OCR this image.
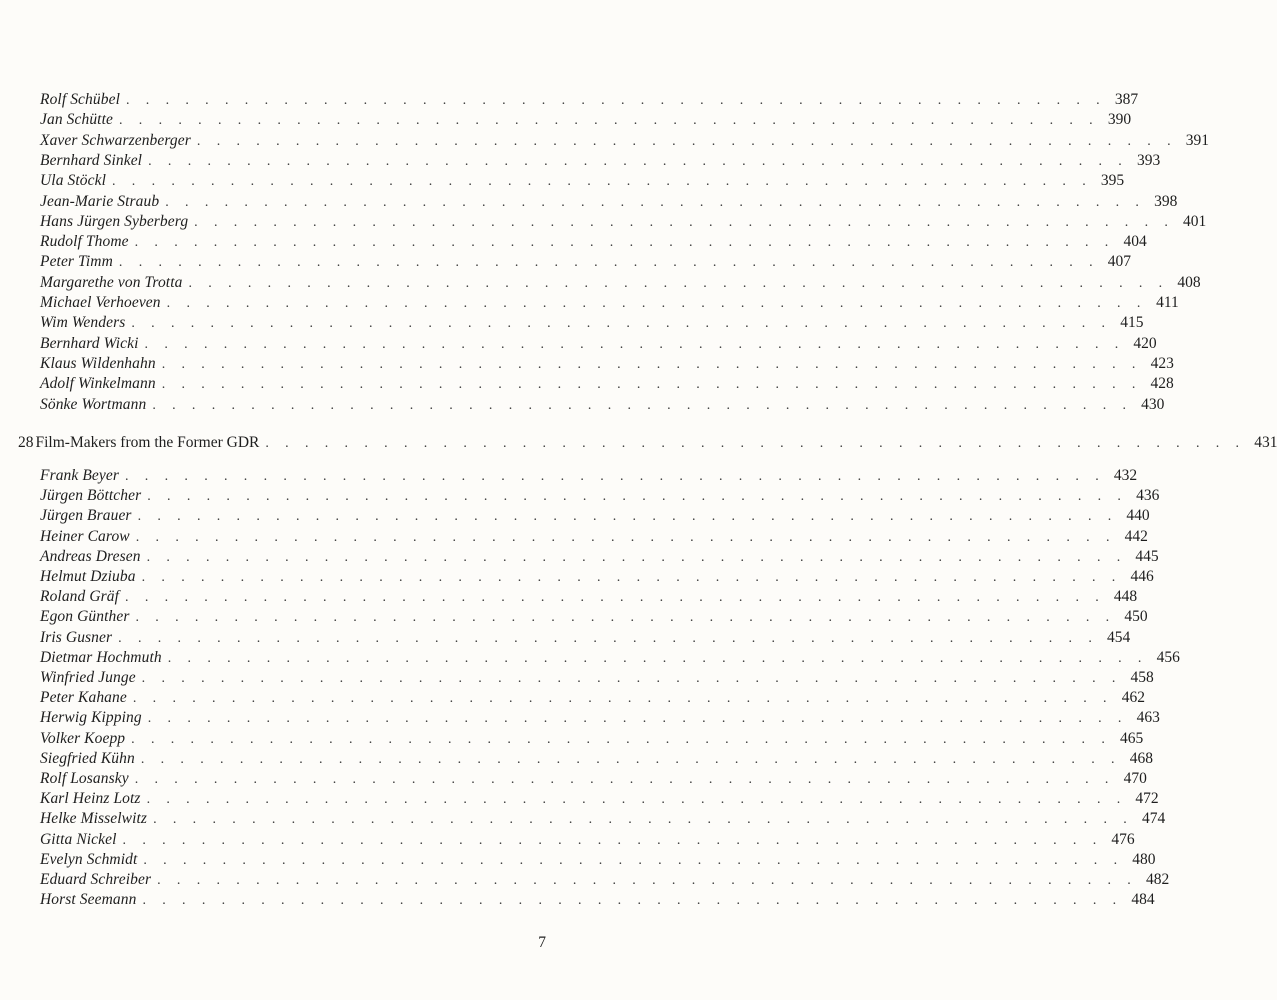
Rolf Schübel . . . . . . . . . . . . . . . . . . . . . . . . . . . . . . . . . . . . . . . . . . . . . . . . . . 387
Jan Schütte . . . . . . . . . . . . . . . . . . . . . . . . . . . . . . . . . . . . . . . . . . . . . . . . . . 390
Xaver Schwarzenberger . . . . . . . . . . . . . . . . . . . . . . . . . . . . . . . . . . . . . . . . . . . . . . . . . . 391
Bernhard Sinkel . . . . . . . . . . . . . . . . . . . . . . . . . . . . . . . . . . . . . . . . . . . . . . . . . . 393
Ula Stöckl . . . . . . . . . . . . . . . . . . . . . . . . . . . . . . . . . . . . . . . . . . . . . . . . . . 395
Jean-Marie Straub . . . . . . . . . . . . . . . . . . . . . . . . . . . . . . . . . . . . . . . . . . . . . . . . . . 398
Hans Jürgen Syberberg . . . . . . . . . . . . . . . . . . . . . . . . . . . . . . . . . . . . . . . . . . . . . . . . . . 401
Rudolf Thome . . . . . . . . . . . . . . . . . . . . . . . . . . . . . . . . . . . . . . . . . . . . . . . . . . 404
Peter Timm . . . . . . . . . . . . . . . . . . . . . . . . . . . . . . . . . . . . . . . . . . . . . . . . . . 407
Margarethe von Trotta . . . . . . . . . . . . . . . . . . . . . . . . . . . . . . . . . . . . . . . . . . . . . . . . . . 408
Michael Verhoeven . . . . . . . . . . . . . . . . . . . . . . . . . . . . . . . . . . . . . . . . . . . . . . . . . . 411
Wim Wenders . . . . . . . . . . . . . . . . . . . . . . . . . . . . . . . . . . . . . . . . . . . . . . . . . . 415
Bernhard Wicki . . . . . . . . . . . . . . . . . . . . . . . . . . . . . . . . . . . . . . . . . . . . . . . . . . 420
Klaus Wildenhahn . . . . . . . . . . . . . . . . . . . . . . . . . . . . . . . . . . . . . . . . . . . . . . . . . . 423
Adolf Winkelmann . . . . . . . . . . . . . . . . . . . . . . . . . . . . . . . . . . . . . . . . . . . . . . . . . . 428
Sönke Wortmann . . . . . . . . . . . . . . . . . . . . . . . . . . . . . . . . . . . . . . . . . . . . . . . . . . 430
28 Film-Makers from the Former GDR . . . . . . . . . . . . . . . . . . . . . . . . . . . . . . . . . . . . . . . . . . . . . . . . . . 431
Frank Beyer . . . . . . . . . . . . . . . . . . . . . . . . . . . . . . . . . . . . . . . . . . . . . . . . . . 432
Jürgen Böttcher . . . . . . . . . . . . . . . . . . . . . . . . . . . . . . . . . . . . . . . . . . . . . . . . . . 436
Jürgen Brauer . . . . . . . . . . . . . . . . . . . . . . . . . . . . . . . . . . . . . . . . . . . . . . . . . . 440
Heiner Carow . . . . . . . . . . . . . . . . . . . . . . . . . . . . . . . . . . . . . . . . . . . . . . . . . . 442
Andreas Dresen . . . . . . . . . . . . . . . . . . . . . . . . . . . . . . . . . . . . . . . . . . . . . . . . . . 445
Helmut Dziuba . . . . . . . . . . . . . . . . . . . . . . . . . . . . . . . . . . . . . . . . . . . . . . . . . . 446
Roland Gräf . . . . . . . . . . . . . . . . . . . . . . . . . . . . . . . . . . . . . . . . . . . . . . . . . . 448
Egon Günther . . . . . . . . . . . . . . . . . . . . . . . . . . . . . . . . . . . . . . . . . . . . . . . . . . 450
Iris Gusner . . . . . . . . . . . . . . . . . . . . . . . . . . . . . . . . . . . . . . . . . . . . . . . . . . 454
Dietmar Hochmuth . . . . . . . . . . . . . . . . . . . . . . . . . . . . . . . . . . . . . . . . . . . . . . . . . . 456
Winfried Junge . . . . . . . . . . . . . . . . . . . . . . . . . . . . . . . . . . . . . . . . . . . . . . . . . . 458
Peter Kahane . . . . . . . . . . . . . . . . . . . . . . . . . . . . . . . . . . . . . . . . . . . . . . . . . . 462
Herwig Kipping . . . . . . . . . . . . . . . . . . . . . . . . . . . . . . . . . . . . . . . . . . . . . . . . . . 463
Volker Koepp . . . . . . . . . . . . . . . . . . . . . . . . . . . . . . . . . . . . . . . . . . . . . . . . . . 465
Siegfried Kühn . . . . . . . . . . . . . . . . . . . . . . . . . . . . . . . . . . . . . . . . . . . . . . . . . . 468
Rolf Losansky . . . . . . . . . . . . . . . . . . . . . . . . . . . . . . . . . . . . . . . . . . . . . . . . . . 470
Karl Heinz Lotz . . . . . . . . . . . . . . . . . . . . . . . . . . . . . . . . . . . . . . . . . . . . . . . . . . 472
Helke Misselwitz . . . . . . . . . . . . . . . . . . . . . . . . . . . . . . . . . . . . . . . . . . . . . . . . . . 474
Gitta Nickel . . . . . . . . . . . . . . . . . . . . . . . . . . . . . . . . . . . . . . . . . . . . . . . . . . 476
Evelyn Schmidt . . . . . . . . . . . . . . . . . . . . . . . . . . . . . . . . . . . . . . . . . . . . . . . . . . 480
Eduard Schreiber . . . . . . . . . . . . . . . . . . . . . . . . . . . . . . . . . . . . . . . . . . . . . . . . . . 482
Horst Seemann . . . . . . . . . . . . . . . . . . . . . . . . . . . . . . . . . . . . . . . . . . . . . . . . . . 484
7
